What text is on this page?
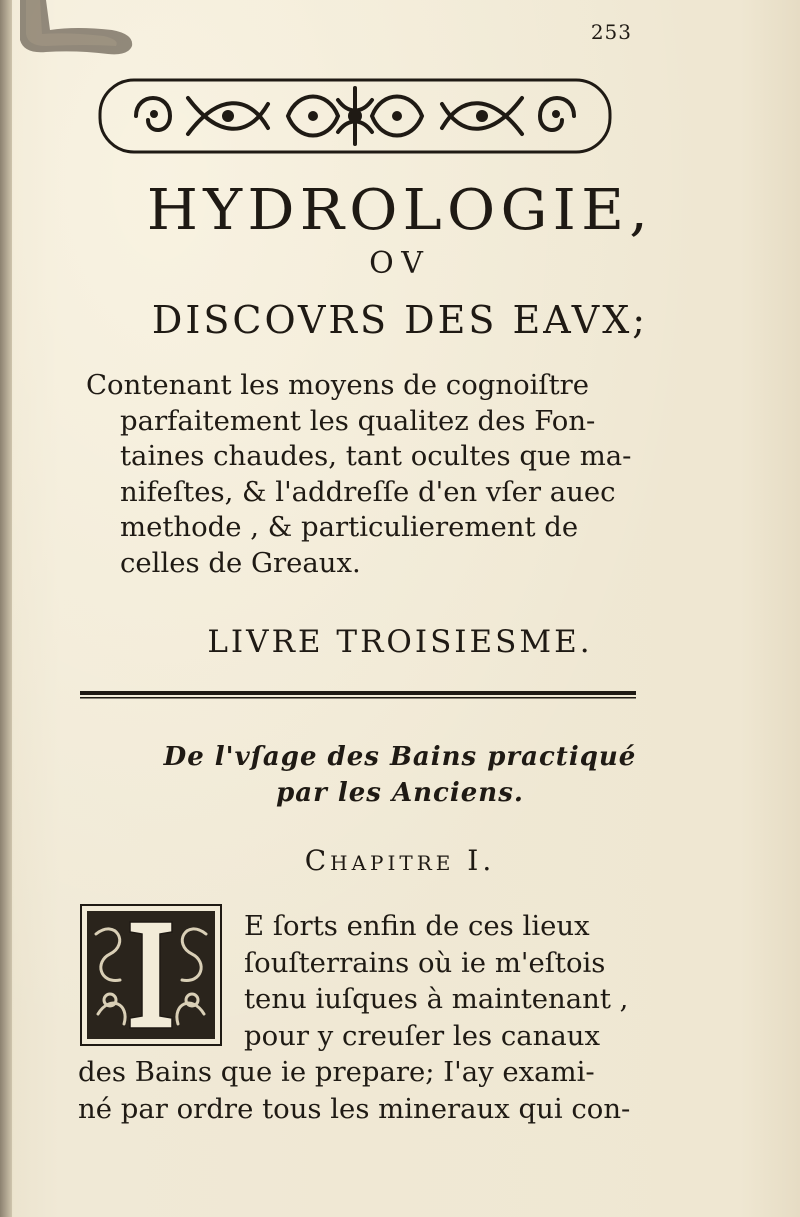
253
HYDROLOGIE,
OV
DISCOVRS DES EAVX;
Contenant les moyens de cognoiſtre
parfaitement les qualitez des Fon-
taines chaudes, tant ocultes que ma-
nifeſtes, & l'addreſſe d'en vſer auec
methode , & particulierement de
celles de Greaux.
LIVRE TROISIESME.
De l'vſage des Bains practiqué
par les Anciens.
Chapitre I.
E ſorts enfin de ces lieux
ſouſterrains où ie m'eſtois
tenu iuſques à maintenant ,
pour y creuſer les canaux
des Bains que ie prepare; I'ay exami-
né par ordre tous les mineraux qui con-
